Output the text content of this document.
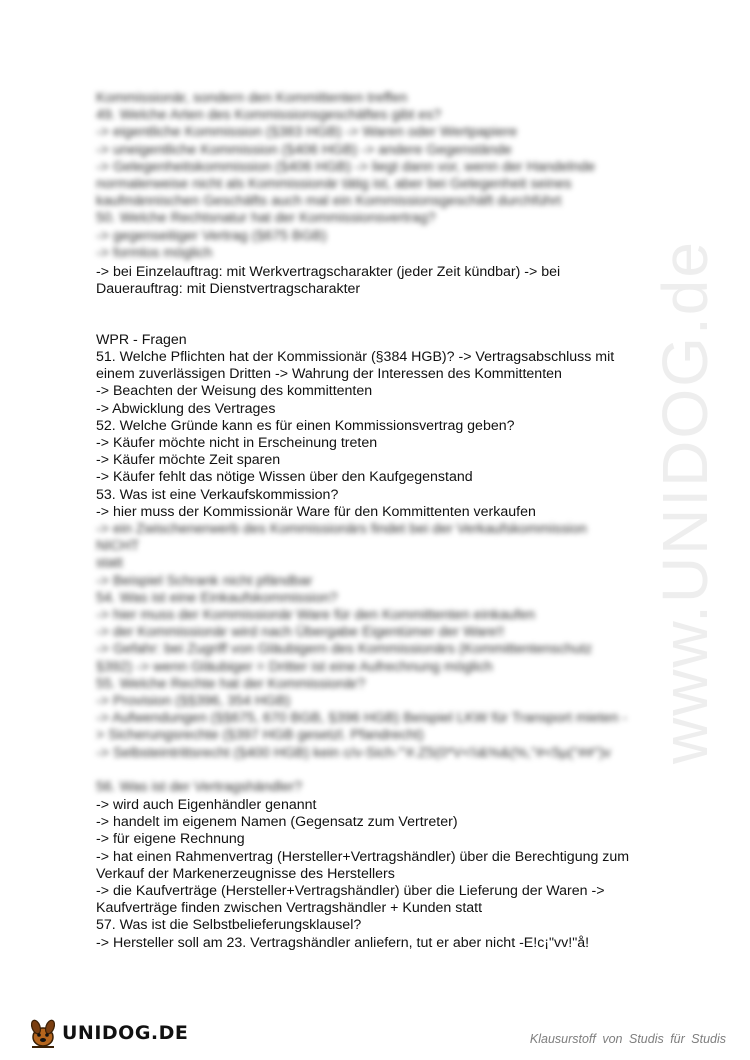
www.UNIDOG.de
Kommissionär, sondern den Kommittenten treffen
49. Welche Arten des Kommissionsgeschäftes gibt es?
-> eigentliche Kommission (§383 HGB) -> Waren oder Wertpapiere
-> uneigentliche Kommission (§406 HGB) -> andere Gegenstände
-> Gelegenheitskommission (§406 HGB) -> liegt dann vor, wenn der Handelnde
normalerweise nicht als Kommissionär tätig ist, aber bei Gelegenheit seines
kaufmännischen Geschäfts auch mal ein Kommissionsgeschäft durchführt
50. Welche Rechtsnatur hat der Kommissionsvertrag?
-> gegenseitiger Vertrag (§675 BGB)
-> formlos möglich
-> bei Einzelauftrag: mit Werkvertragscharakter (jeder Zeit kündbar) -> bei
Dauerauftrag: mit Dienstvertragscharakter
WPR - Fragen
51. Welche Pflichten hat der Kommissionär (§384 HGB)? -> Vertragsabschluss mit
einem zuverlässigen Dritten -> Wahrung der Interessen des Kommittenten
-> Beachten der Weisung des kommittenten
-> Abwicklung des Vertrages
52. Welche Gründe kann es für einen Kommissionsvertrag geben?
-> Käufer möchte nicht in Erscheinung treten
-> Käufer möchte Zeit sparen
-> Käufer fehlt das nötige Wissen über den Kaufgegenstand
53. Was ist eine Verkaufskommission?
-> hier muss der Kommissionär Ware für den Kommittenten verkaufen
-> ein Zwischenerwerb des Kommissionärs findet bei der Verkaufskommission
NICHT
statt
-> Beispiel Schrank nicht pfändbar
54. Was ist eine Einkaufskommission?
-> hier muss der Kommissionär Ware für den Kommittenten einkaufen
-> der Kommissionär wird nach Übergabe Eigentümer der Ware!!
-> Gefahr: bei Zugriff von Gläubigern des Kommissionärs (Kommittentenschutz
§392) -> wenn Gläubiger = Dritter ist eine Aufrechnung möglich
55. Welche Rechte hat der Kommissionär?
-> Provision (§§396, 354 HGB)
-> Aufwendungen (§§675, 670 BGB, §396 HGB) Beispiel LKW für Transport mieten -
> Sicherungsrechte (§397 HGB gesetzl. Pfandrecht)
-> Selbsteintrittsrecht (§400 HGB) kein c/v-Sich-"'#.Z5(0*V<\\&%&(%,"#<5µ("##")v
56. Was ist der Vertragshändler?
-> wird auch Eigenhändler genannt
-> handelt im eigenem Namen (Gegensatz zum Vertreter)
-> für eigene Rechnung
-> hat einen Rahmenvertrag (Hersteller+Vertragshändler) über die Berechtigung zum
Verkauf der Markenerzeugnisse des Herstellers
-> die Kaufverträge (Hersteller+Vertragshändler) über die Lieferung der Waren ->
Kaufverträge finden zwischen Vertragshändler + Kunden statt
57. Was ist die Selbstbelieferungsklausel?
-> Hersteller soll am 23. Vertragshändler anliefern, tut er aber nicht -E!c¡"vv!"å!
UNIDOG.DE	Klausurstoff von Studis für Studis
